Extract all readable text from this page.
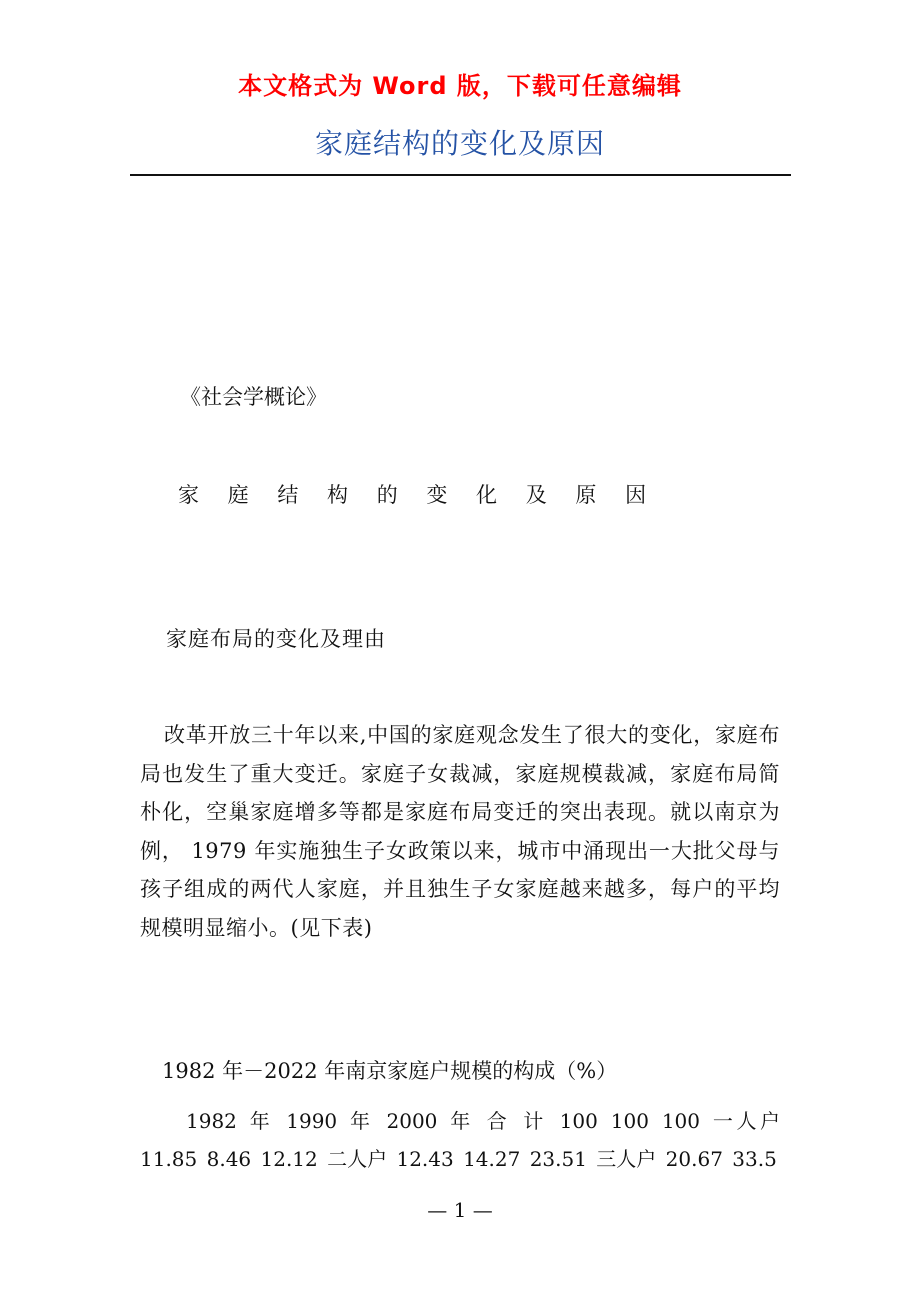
本文格式为 Word 版，下载可任意编辑
家庭结构的变化及原因
《社会学概论》
家 庭 结 构 的 变 化 及 原 因
家庭布局的变化及理由
改革开放三十年以来,中国的家庭观念发生了很大的变化，家庭布局也发生了重大变迁。家庭子女裁减，家庭规模裁减，家庭布局简朴化，空巢家庭增多等都是家庭布局变迁的突出表现。就以南京为例， 1979 年实施独生子女政策以来，城市中涌现出一大批父母与孩子组成的两代人家庭，并且独生子女家庭越来越多，每户的平均规模明显缩小。(见下表)
1982 年－2022 年南京家庭户规模的构成（%）
1982 年 1990 年 2000 年 合 计 100 100 100 一人户 11.85 8.46 12.12 二人户 12.43 14.27 23.51 三人户 20.67 33.5
— 1 —
